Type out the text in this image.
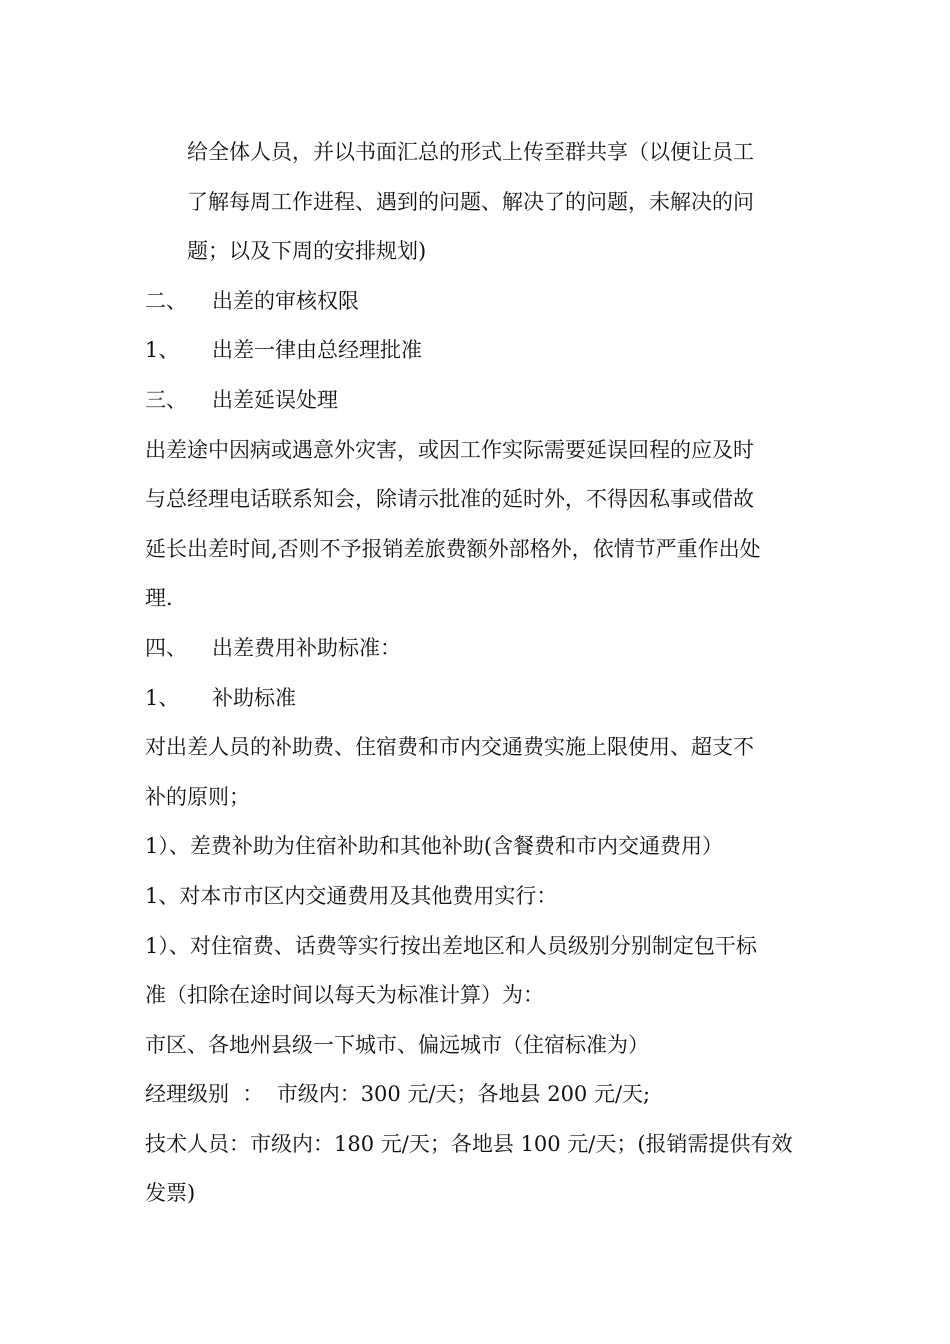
给全体人员，并以书面汇总的形式上传至群共享（以便让员工
了解每周工作进程、遇到的问题、解决了的问题，未解决的问
题；以及下周的安排规划)
二、 出差的审核权限
1、 出差一律由总经理批准
三、 出差延误处理
出差途中因病或遇意外灾害，或因工作实际需要延误回程的应及时
与总经理电话联系知会，除请示批准的延时外，不得因私事或借故
延长出差时间,否则不予报销差旅费额外部格外，依情节严重作出处
理.
四、 出差费用补助标准：
1、 补助标准
对出差人员的补助费、住宿费和市内交通费实施上限使用、超支不
补的原则；
1）、差费补助为住宿补助和其他补助(含餐费和市内交通费用）
1、对本市市区内交通费用及其他费用实行：
1）、对住宿费、话费等实行按出差地区和人员级别分别制定包干标
准（扣除在途时间以每天为标准计算）为：
市区、各地州县级一下城市、偏远城市（住宿标准为）
经理级别  ：  市级内：300 元/天；各地县 200 元/天;
技术人员：市级内：180 元/天；各地县 100 元/天；(报销需提供有效
发票)
